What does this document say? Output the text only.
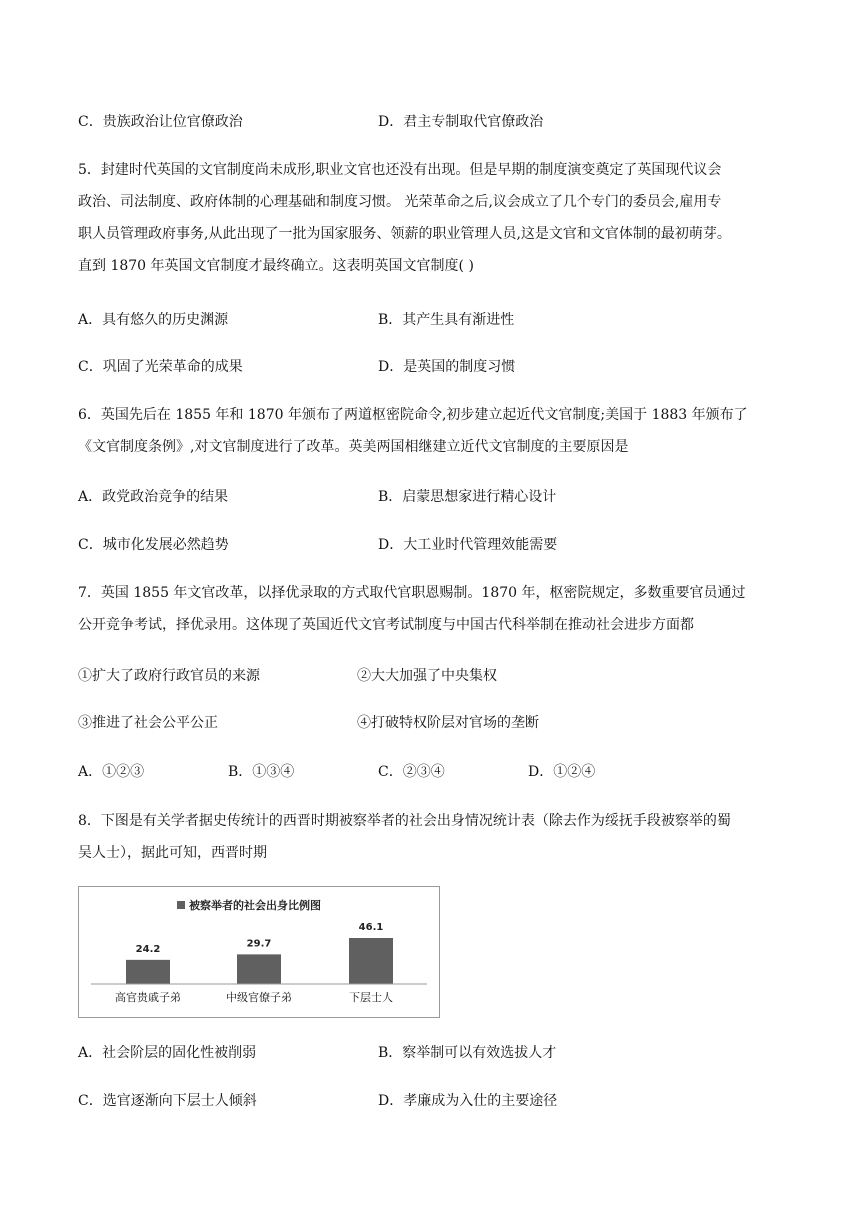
C．贵族政治让位官僚政治	D．君主专制取代官僚政治
5．封建时代英国的文官制度尚未成形,职业文官也还没有出现。但是早期的制度演变奠定了英国现代议会
政治、司法制度、政府体制的心理基础和制度习惯。 光荣革命之后,议会成立了几个专门的委员会,雇用专
职人员管理政府事务,从此出现了一批为国家服务、领薪的职业管理人员,这是文官和文官体制的最初萌芽。
直到 1870 年英国文官制度才最终确立。这表明英国文官制度( )
A．具有悠久的历史渊源	B．其产生具有渐进性
C．巩固了光荣革命的成果	D．是英国的制度习惯
6．英国先后在 1855 年和 1870 年颁布了两道枢密院命令,初步建立起近代文官制度;美国于 1883 年颁布了
《文官制度条例》,对文官制度进行了改革。英美两国相继建立近代文官制度的主要原因是
A．政党政治竞争的结果	B．启蒙思想家进行精心设计
C．城市化发展必然趋势	D．大工业时代管理效能需要
7．英国 1855 年文官改革，以择优录取的方式取代官职恩赐制。1870 年，枢密院规定，多数重要官员通过
公开竞争考试，择优录用。这体现了英国近代文官考试制度与中国古代科举制在推动社会进步方面都
①扩大了政府行政官员的来源	②大大加强了中央集权
③推进了社会公平公正	④打破特权阶层对官场的垄断
A．①②③	B．①③④	C．②③④	D．①②④
8．下图是有关学者据史传统计的西晋时期被察举者的社会出身情况统计表（除去作为绥抚手段被察举的蜀
吴人士），据此可知，西晋时期
被察举者的社会出身比例图
24.2
高官贵戚子弟
29.7
中级官僚子弟
46.1
下层士人
A．社会阶层的固化性被削弱	B．察举制可以有效选拔人才
C．选官逐渐向下层士人倾斜	D．孝廉成为入仕的主要途径
